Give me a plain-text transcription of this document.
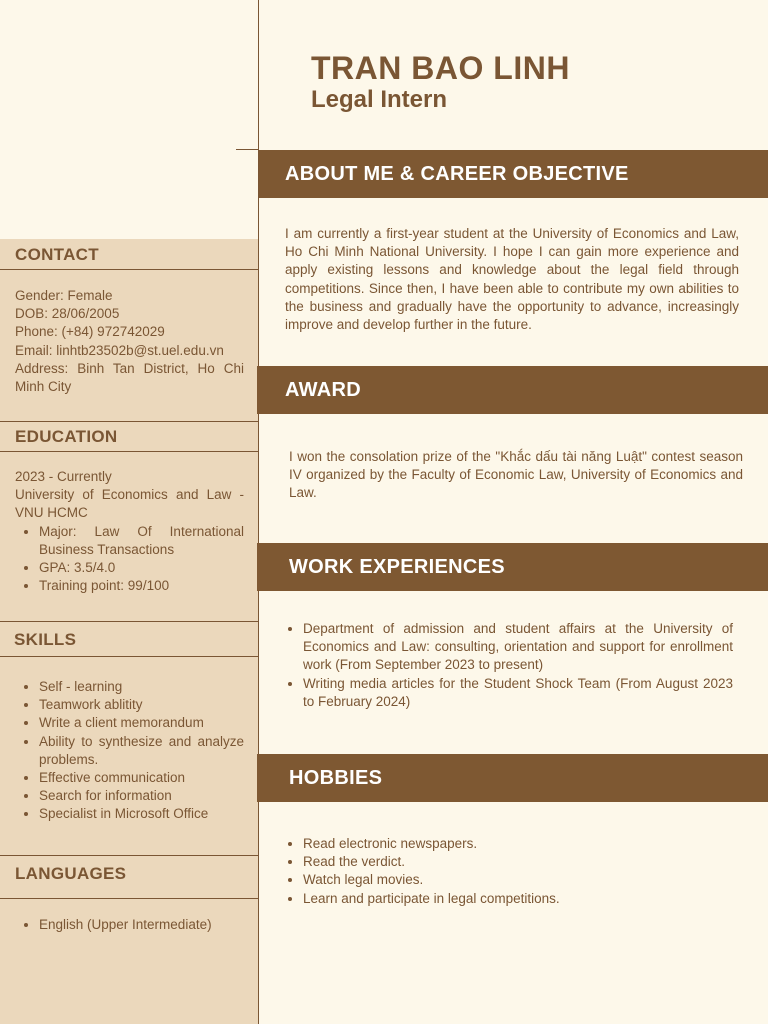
TRAN BAO LINH
Legal Intern
CONTACT
Gender: Female
DOB: 28/06/2005
Phone: (+84) 972742029
Email: linhtb23502b@st.uel.edu.vn
Address: Binh Tan District, Ho Chi Minh City
EDUCATION
2023 - Currently
University of Economics and Law - VNU HCMC
• Major: Law Of International Business Transactions
• GPA: 3.5/4.0
• Training point: 99/100
SKILLS
• Self - learning
• Teamwork ablitity
• Write a client memorandum
• Ability to synthesize and analyze problems.
• Effective communication
• Search for information
• Specialist in Microsoft Office
LANGUAGES
• English (Upper Intermediate)
ABOUT ME & CAREER OBJECTIVE
I am currently a first-year student at the University of Economics and Law, Ho Chi Minh National University. I hope I can gain more experience and apply existing lessons and knowledge about the legal field through competitions. Since then, I have been able to contribute my own abilities to the business and gradually have the opportunity to advance, increasingly improve and develop further in the future.
AWARD
I won the consolation prize of the "Khắc dấu tài năng Luật" contest season IV organized by the Faculty of Economic Law, University of Economics and Law.
WORK EXPERIENCES
• Department of admission and student affairs at the University of Economics and Law: consulting, orientation and support for enrollment work (From September 2023 to present)
• Writing media articles for the Student Shock Team (From August 2023 to February 2024)
HOBBIES
• Read electronic newspapers.
• Read the verdict.
• Watch legal movies.
• Learn and participate in legal competitions.
